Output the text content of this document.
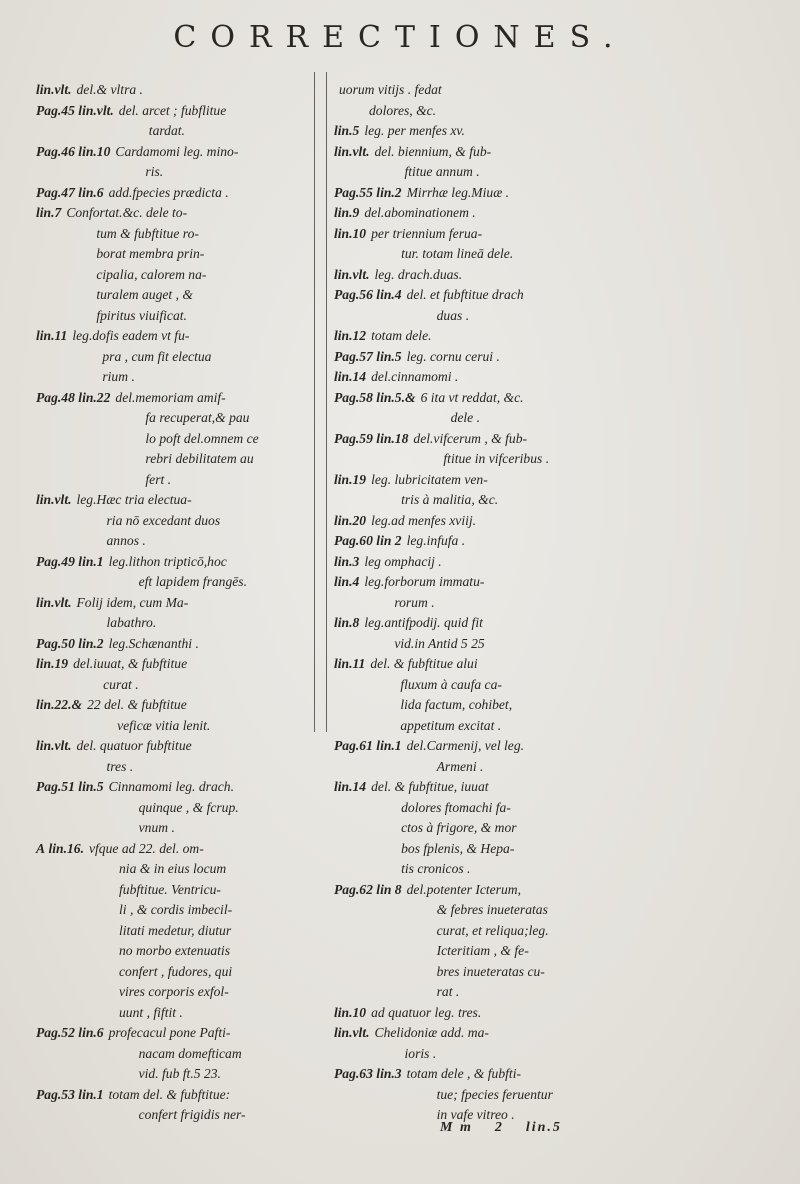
CORRECTIONES.
lin.vlt. del.& vltra .
Pag.45 lin.vlt. del. arcet ; fubflitue
tardat.
Pag.46 lin.10 Cardamomi leg. mino-
ris.
Pag.47 lin.6 add.fpecies prædicta .
lin.7 Confortat.&c. dele to-
tum & fubftitue ro-
borat membra prin-
cipalia, calorem na-
turalem auget , &
fpiritus viuificat.
lin.11 leg.dofis eadem vt fu-
pra , cum fit electua
rium .
Pag.48 lin.22 del.memoriam amif-
fa recuperat,& pau
lo poft del.omnem ce
rebri debilitatem au
fert .
lin.vlt. leg.Hæc tria electua-
ria nō excedant duos
annos .
Pag.49 lin.1 leg.lithon tripticō,hoc
eft lapidem frangēs.
lin.vlt. Folij idem, cum Ma-
labathro.
Pag.50 lin.2 leg.Schænanthi .
lin.19 del.iuuat, & fubftitue
curat .
lin.22.& 22 del. & fubftitue
veficæ vitia lenit.
lin.vlt. del. quatuor fubftitue
tres .
Pag.51 lin.5 Cinnamomi leg. drach.
quinque , & fcrup.
vnum .
A lin.16. vfque ad 22. del. om-
nia & in eius locum
fubftitue. Ventricu-
li , & cordis imbecil-
litati medetur, diutur
no morbo extenuatis
confert , fudores, qui
vires corporis exfol-
uunt , fiftit .
Pag.52 lin.6 profecacul pone Pafti-
nacam domefticam
vid. fub ft.5 23.
Pag.53 lin.1 totam del. & fubftitue:
confert frigidis ner-
uorum vitijs . fedat
dolores, &c.
lin.5 leg. per menfes xv.
lin.vlt. del. biennium, & fub-
ftitue annum .
Pag.55 lin.2 Mirrhæ leg.Miuæ .
lin.9 del.abominationem .
lin.10 per triennium ferua-
tur. totam lineā dele.
lin.vlt. leg. drach.duas.
Pag.56 lin.4 del. et fubftitue drach
duas .
lin.12 totam dele.
Pag.57 lin.5 leg. cornu cerui .
lin.14 del.cinnamomi .
Pag.58 lin.5.& 6 ita vt reddat, &c.
dele .
Pag.59 lin.18 del.vifcerum , & fub-
ftitue in vifceribus .
lin.19 leg. lubricitatem ven-
tris à malitia, &c.
lin.20 leg.ad menfes xviij.
Pag.60 lin 2 leg.infufa .
lin.3 leg omphacij .
lin.4 leg.forborum immatu-
rorum .
lin.8 leg.antifpodij. quid fit
vid.in Antid 5 25
lin.11 del. & fubftitue alui
fluxum à caufa ca-
lida factum, cohibet,
appetitum excitat .
Pag.61 lin.1 del.Carmenij, vel leg.
Armeni .
lin.14 del. & fubftitue, iuuat
dolores ftomachi fa-
ctos à frigore, & mor
bos fplenis, & Hepa-
tis cronicos .
Pag.62 lin 8 del.potenter Icterum,
& febres inueteratas
curat, et reliqua;leg.
Icteritiam , & fe-
bres inueteratas cu-
rat .
lin.10 ad quatuor leg. tres.
lin.vlt. Chelidoniæ add. ma-
ioris .
Pag.63 lin.3 totam dele , & fubfti-
tue; fpecies feruentur
in vafe vitreo .
M m 2 lin.5
